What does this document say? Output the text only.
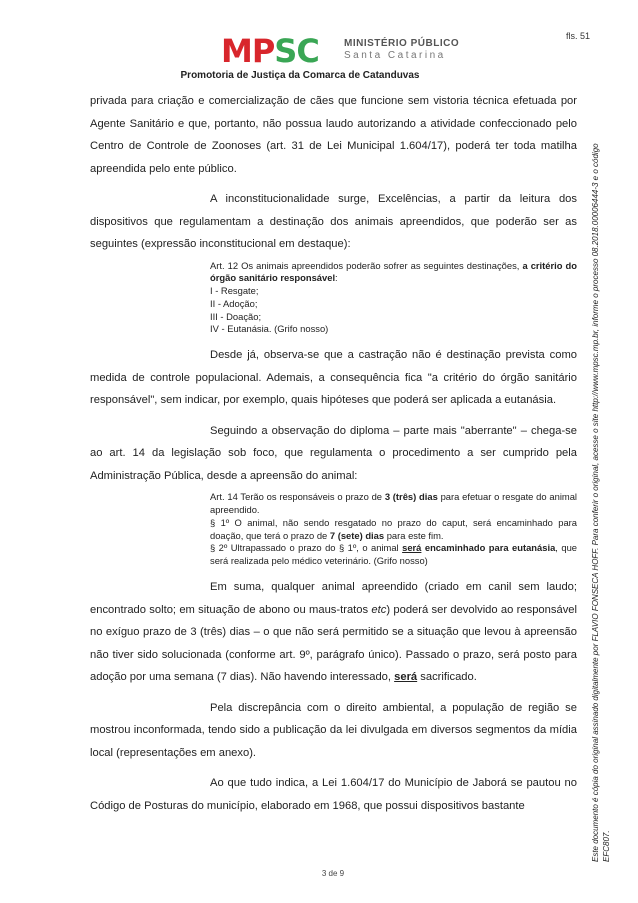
fls. 51
MPSC	MINISTÉRIO PÚBLICO
Santa Catarina
Promotoria de Justiça da Comarca de Catanduvas

privada para criação e comercialização de cães que funcione sem vistoria técnica efetuada por Agente Sanitário e que, portanto, não possua laudo autorizando a atividade confeccionado pelo Centro de Controle de Zoonoses (art. 31 de Lei Municipal 1.604/17), poderá ter toda matilha apreendida pelo ente público.

A inconstitucionalidade surge, Excelências, a partir da leitura dos dispositivos que regulamentam a destinação dos animais apreendidos, que poderão ser as seguintes (expressão inconstitucional em destaque):

Art. 12 Os animais apreendidos poderão sofrer as seguintes destinações, a critério do órgão sanitário responsável:
I - Resgate;
II - Adoção;
III - Doação;
IV - Eutanásia. (Grifo nosso)

Desde já, observa-se que a castração não é destinação prevista como medida de controle populacional. Ademais, a consequência fica "a critério do órgão sanitário responsável", sem indicar, por exemplo, quais hipóteses que poderá ser aplicada a eutanásia.

Seguindo a observação do diploma – parte mais "aberrante" – chega-se ao art. 14 da legislação sob foco, que regulamenta o procedimento a ser cumprido pela Administração Pública, desde a apreensão do animal:

Art. 14 Terão os responsáveis o prazo de 3 (três) dias para efetuar o resgate do animal apreendido.
§ 1º O animal, não sendo resgatado no prazo do caput, será encaminhado para doação, que terá o prazo de 7 (sete) dias para este fim.
§ 2º Ultrapassado o prazo do § 1º, o animal será encaminhado para eutanásia, que será realizada pelo médico veterinário. (Grifo nosso)

Em suma, qualquer animal apreendido (criado em canil sem laudo; encontrado solto; em situação de abono ou maus-tratos etc) poderá ser devolvido ao responsável no exíguo prazo de 3 (três) dias – o que não será permitido se a situação que levou à apreensão não tiver sido solucionada (conforme art. 9º, parágrafo único). Passado o prazo, será posto para adoção por uma semana (7 dias). Não havendo interessado, será sacrificado.

Pela discrepância com o direito ambiental, a população de região se mostrou inconformada, tendo sido a publicação da lei divulgada em diversos segmentos da mídia local (representações em anexo).

Ao que tudo indica, a Lei 1.604/17 do Município de Jaborá se pautou no Código de Posturas do município, elaborado em 1968, que possui dispositivos bastante

3 de 9
Este documento é cópia do original assinado digitalmente por FLAVIO FONSECA HOFF. Para conferir o original, acesse o site http://www.mpsc.mp.br, informe o processo 08.2018.00006444-3 e o código EFC807.
